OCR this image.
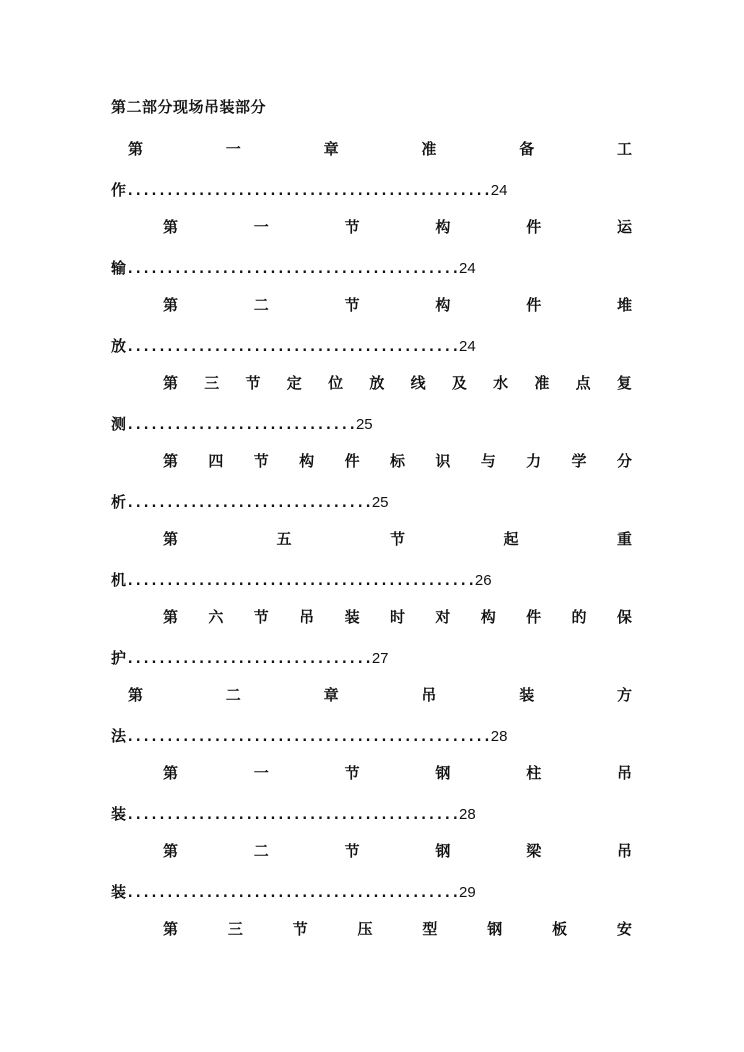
第二部分现场吊装部分
第	一	章	准	备	工
作..............................................24
第	一	节	构	件	运
输..........................................24
第	二	节	构	件	堆
放..........................................24
第 三 节 定 位 放 线 及 水 准 点 复
测.............................25
第 四 节 构 件 标 识 与 力 学 分
析...............................25
第	五	节	起	重
机............................................26
第 六 节 吊 装 时 对 构 件 的 保
护...............................27
第	二	章	吊	装	方
法..............................................28
第	一	节	钢	柱	吊
装..........................................28
第	二	节	钢	梁	吊
装..........................................29
第	三	节	压	型	钢	板	安
